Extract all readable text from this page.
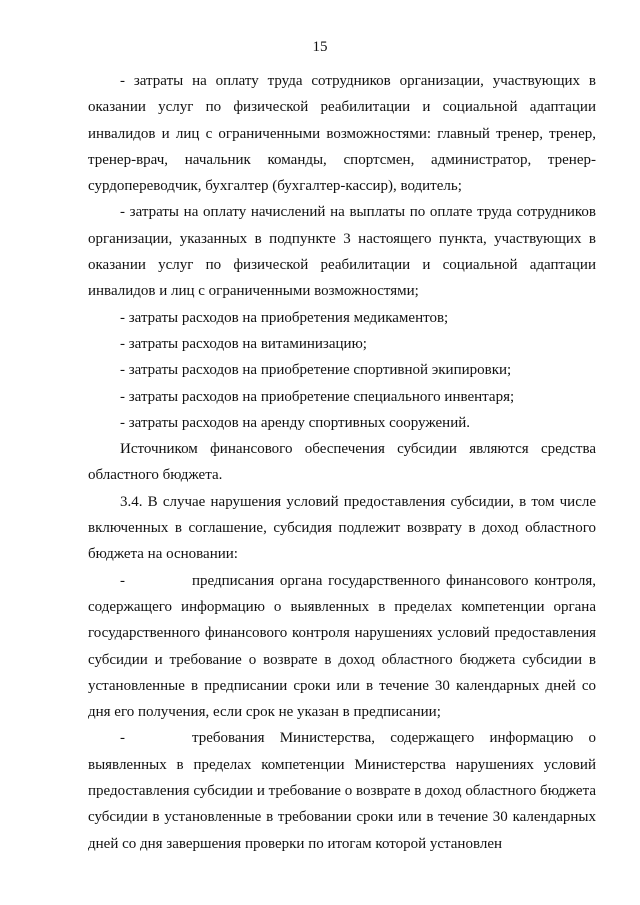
15

- затраты на оплату труда сотрудников организации, участвующих в оказании услуг по физической реабилитации и социальной адаптации инвалидов и лиц с ограниченными возможностями: главный тренер, тренер, тренер-врач, начальник команды, спортсмен, администратор, тренер-сурдопереводчик, бухгалтер (бухгалтер-кассир), водитель;

- затраты на оплату начислений на выплаты по оплате труда сотрудников организации, указанных в подпункте 3 настоящего пункта, участвующих в оказании услуг по физической реабилитации и социальной адаптации инвалидов и лиц с ограниченными возможностями;

- затраты расходов на приобретения медикаментов;

- затраты расходов на витаминизацию;

- затраты расходов на приобретение спортивной экипировки;

- затраты расходов на приобретение специального инвентаря;

- затраты расходов на аренду спортивных сооружений.

Источником финансового обеспечения субсидии являются средства областного бюджета.

3.4. В случае нарушения условий предоставления субсидии, в том числе включенных в соглашение, субсидия подлежит возврату в доход областного бюджета на основании:

-	предписания органа государственного финансового контроля, содержащего информацию о выявленных в пределах компетенции органа государственного финансового контроля нарушениях условий предоставления субсидии и требование о возврате в доход областного бюджета субсидии в установленные в предписании сроки или в течение 30 календарных дней со дня его получения, если срок не указан в предписании;

-	требования Министерства, содержащего информацию о выявленных в пределах компетенции Министерства нарушениях условий предоставления субсидии и требование о возврате в доход областного бюджета субсидии в установленные в требовании сроки или в течение 30 календарных дней со дня завершения проверки по итогам которой установлен
